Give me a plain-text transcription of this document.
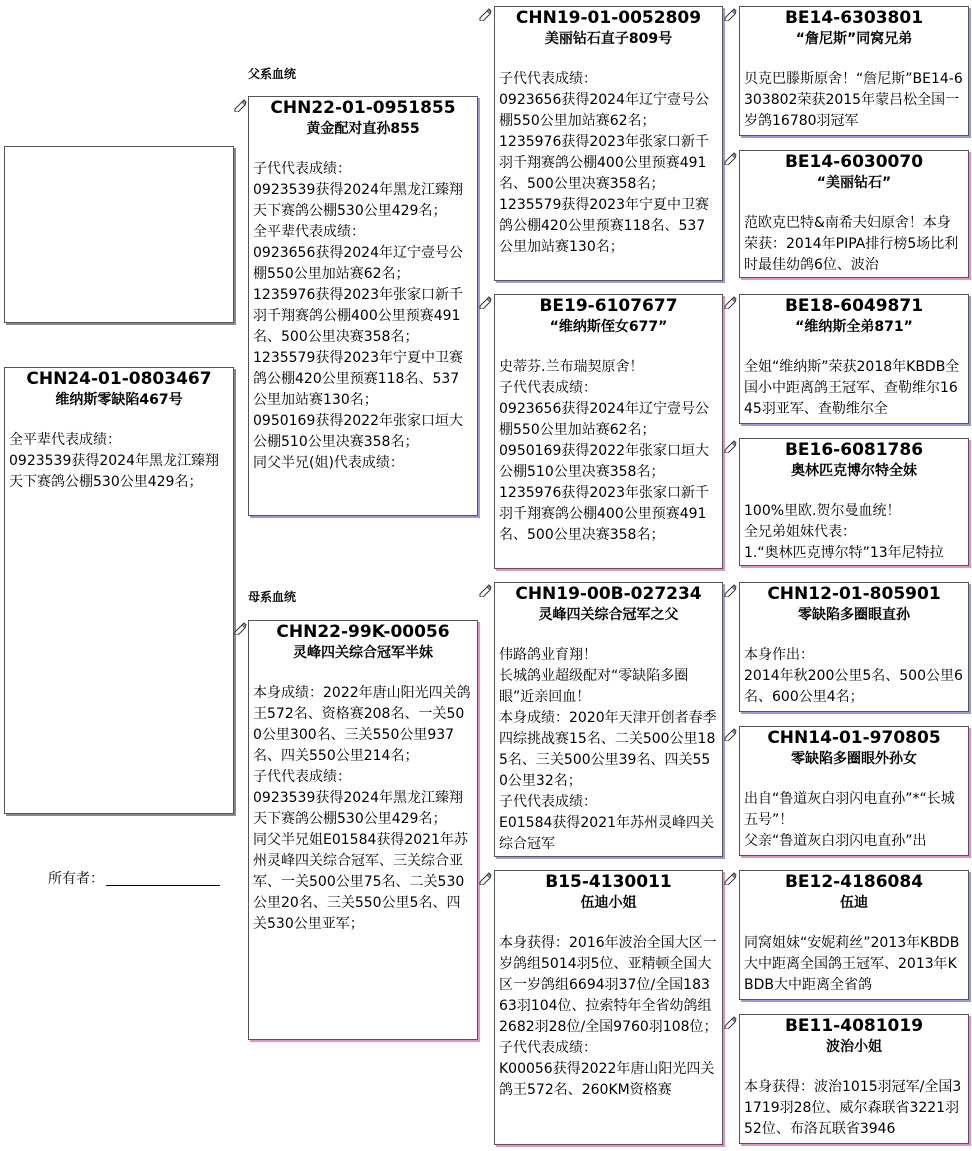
父系血统
母系血统
所有者：
CHN24-01-0803467
维纳斯零缺陷467号
全平辈代表成绩：
0923539获得2024年黑龙江臻翔天下赛鸽公棚530公里429名；
CHN22-01-0951855
黄金配对直孙855
子代代表成绩：
0923539获得2024年黑龙江臻翔天下赛鸽公棚530公里429名；
全平辈代表成绩：
0923656获得2024年辽宁壹号公棚550公里加站赛62名；
1235976获得2023年张家口新千羽千翔赛鸽公棚400公里预赛491名、500公里决赛358名；
1235579获得2023年宁夏中卫赛鸽公棚420公里预赛118名、537公里加站赛130名；
0950169获得2022年张家口垣大公棚510公里决赛358名；
同父半兄(姐)代表成绩：
CHN22-99K-00056
灵峰四关综合冠军半妹
本身成绩：2022年唐山阳光四关鸽王572名、资格赛208名、一关500公里300名、三关550公里937名、四关550公里214名；
子代代表成绩：
0923539获得2024年黑龙江臻翔天下赛鸽公棚530公里429名；
同父半兄姐E01584获得2021年苏州灵峰四关综合冠军、三关综合亚军、一关500公里75名、二关530公里20名、三关550公里5名、四关530公里亚军；
CHN19-01-0052809
美丽钻石直子809号
子代代表成绩：
0923656获得2024年辽宁壹号公棚550公里加站赛62名；
1235976获得2023年张家口新千羽千翔赛鸽公棚400公里预赛491名、500公里决赛358名；
1235579获得2023年宁夏中卫赛鸽公棚420公里预赛118名、537公里加站赛130名；
BE19-6107677
“维纳斯侄女677”
史蒂芬.兰布瑞契原舍！
子代代表成绩：
0923656获得2024年辽宁壹号公棚550公里加站赛62名；
0950169获得2022年张家口垣大公棚510公里决赛358名；
1235976获得2023年张家口新千羽千翔赛鸽公棚400公里预赛491名、500公里决赛358名；
CHN19-00B-027234
灵峰四关综合冠军之父
伟路鸽业育翔！
长城鸽业超级配对“零缺陷多圈眼”近亲回血！
本身成绩：2020年天津开创者春季四综挑战赛15名、二关500公里185名、三关500公里39名、四关550公里32名；
子代代表成绩：
E01584获得2021年苏州灵峰四关综合冠军
B15-4130011
伍迪小姐
本身获得：2016年波治全国大区一岁鸽组5014羽5位、亚精顿全国大区一岁鸽组6694羽37位/全国18363羽104位、拉索特年全省幼鸽组2682羽28位/全国9760羽108位；
子代代表成绩：
K00056获得2022年唐山阳光四关鸽王572名、260KM资格赛
BE14-6303801
“詹尼斯”同窝兄弟
贝克巴滕斯原舍！“詹尼斯”BE14-6303802荣获2015年蒙吕松全国一岁鸽16780羽冠军
BE14-6030070
“美丽钻石”
范欧克巴特&南希夫妇原舍！本身荣获：2014年PIPA排行榜5场比利时最佳幼鸽6位、波治
BE18-6049871
“维纳斯全弟871”
全姐“维纳斯”荣获2018年KBDB全国小中距离鸽王冠军、查勒维尔1645羽亚军、查勒维尔全
BE16-6081786
奥林匹克博尔特全妹
100%里欧.贺尔曼血统！
全兄弟姐妹代表：
1.“奥林匹克博尔特”13年尼特拉
CHN12-01-805901
零缺陷多圈眼直孙
本身作出：
2014年秋200公里5名、500公里6名、600公里4名；
CHN14-01-970805
零缺陷多圈眼外孙女
出自“鲁道灰白羽闪电直孙”*“长城五号”！
父亲“鲁道灰白羽闪电直孙”出
BE12-4186084
伍迪
同窝姐妹“安妮莉丝”2013年KBDB大中距离全国鸽王冠军、2013年KBDB大中距离全省鸽
BE11-4081019
波治小姐
本身获得：波治1015羽冠军/全国31719羽28位、威尔森联省3221羽52位、布洛瓦联省3946
